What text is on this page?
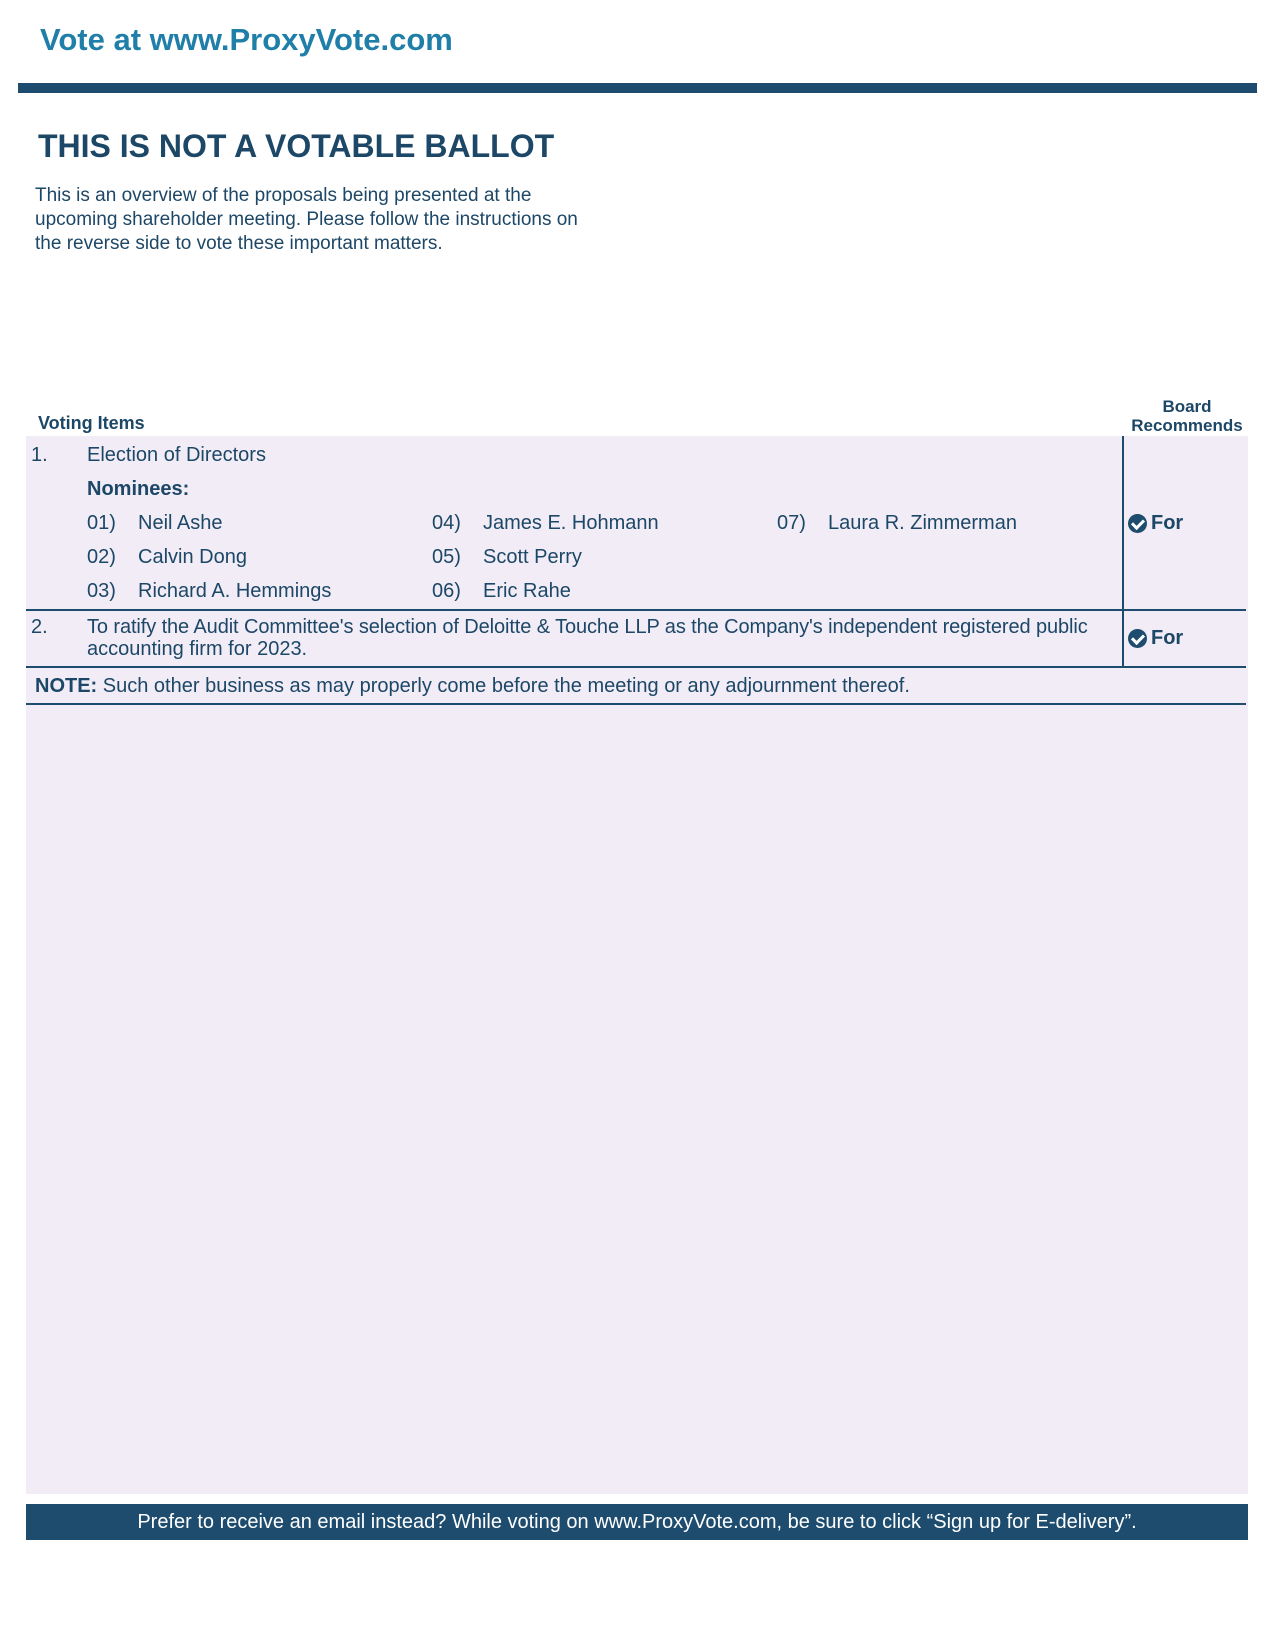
Vote at www.ProxyVote.com
THIS IS NOT A VOTABLE BALLOT
This is an overview of the proposals being presented at the
upcoming shareholder meeting. Please follow the instructions on
the reverse side to vote these important matters.
Voting Items
Board
Recommends
1. Election of Directors
Nominees:
01) Neil Ashe
02) Calvin Dong
03) Richard A. Hemmings
04) James E. Hohmann
05) Scott Perry
06) Eric Rahe
07) Laura R. Zimmerman	For
2. To ratify the Audit Committee's selection of Deloitte & Touche LLP as the Company's independent registered public
accounting firm for 2023.	For
NOTE: Such other business as may properly come before the meeting or any adjournment thereof.
Prefer to receive an email instead? While voting on www.ProxyVote.com, be sure to click “Sign up for E-delivery”.
